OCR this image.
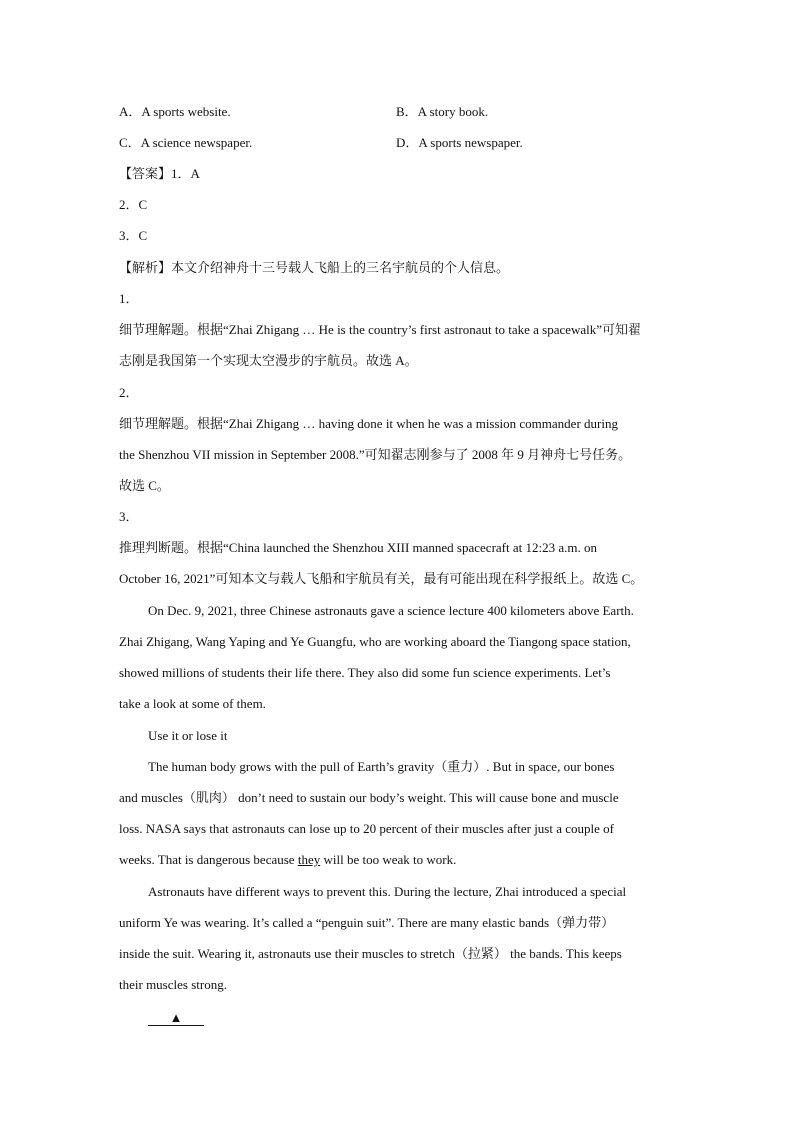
A．A sports website.	B．A story book.
C．A science newspaper.	D．A sports newspaper.
【答案】1．A
2．C
3．C
【解析】本文介绍神舟十三号载人飞船上的三名宇航员的个人信息。
1．
细节理解题。根据“Zhai Zhigang … He is the country’s first astronaut to take a spacewalk”可知翟
志刚是我国第一个实现太空漫步的宇航员。故选 A。
2．
细节理解题。根据“Zhai Zhigang … having done it when he was a mission commander during
the Shenzhou VII mission in September 2008.”可知翟志刚参与了 2008 年 9 月神舟七号任务。
故选 C。
3．
推理判断题。根据“China launched the Shenzhou XIII manned spacecraft at 12:23 a.m. on
October 16, 2021”可知本文与载人飞船和宇航员有关，最有可能出现在科学报纸上。故选 C。
On Dec. 9, 2021, three Chinese astronauts gave a science lecture 400 kilometers above Earth.
Zhai Zhigang, Wang Yaping and Ye Guangfu, who are working aboard the Tiangong space station,
showed millions of students their life there. They also did some fun science experiments. Let’s
take a look at some of them.
Use it or lose it
The human body grows with the pull of Earth’s gravity（重力）. But in space, our bones
and muscles（肌肉） don’t need to sustain our body’s weight. This will cause bone and muscle
loss. NASA says that astronauts can lose up to 20 percent of their muscles after just a couple of
weeks. That is dangerous because they will be too weak to work.
Astronauts have different ways to prevent this. During the lecture, Zhai introduced a special
uniform Ye was wearing. It’s called a “penguin suit”. There are many elastic bands（弹力带）
inside the suit. Wearing it, astronauts use their muscles to stretch（拉紧） the bands. This keeps
their muscles strong.
▲
